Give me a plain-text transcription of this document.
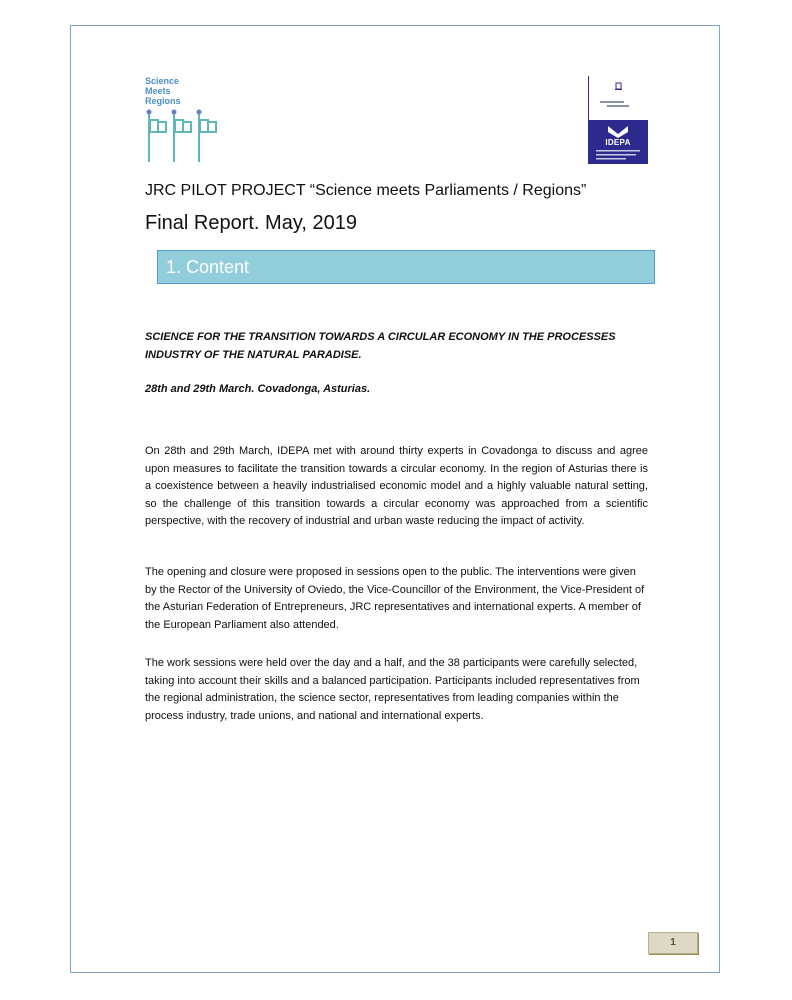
Science
Meets
Regions
IDEPA
JRC PILOT PROJECT “Science meets Parliaments / Regions”
Final Report. May, 2019
1. Content
SCIENCE FOR THE TRANSITION TOWARDS A CIRCULAR ECONOMY IN THE PROCESSES INDUSTRY OF THE NATURAL PARADISE.
28th and 29th March. Covadonga, Asturias.
On 28th and 29th March, IDEPA met with around thirty experts in Covadonga to discuss and agree upon measures to facilitate the transition towards a circular economy. In the region of Asturias there is a coexistence between a heavily industrialised economic model and a highly valuable natural setting, so the challenge of this transition towards a circular economy was approached from a scientific perspective, with the recovery of industrial and urban waste reducing the impact of activity.
The opening and closure were proposed in sessions open to the public. The interventions were given by the Rector of the University of Oviedo, the Vice-Councillor of the Environment, the Vice-President of the Asturian Federation of Entrepreneurs, JRC representatives and international experts. A member of the European Parliament also attended.
The work sessions were held over the day and a half, and the 38 participants were carefully selected, taking into account their skills and a balanced participation. Participants included representatives from the regional administration, the science sector, representatives from leading companies within the process industry, trade unions, and national and international experts.
1
